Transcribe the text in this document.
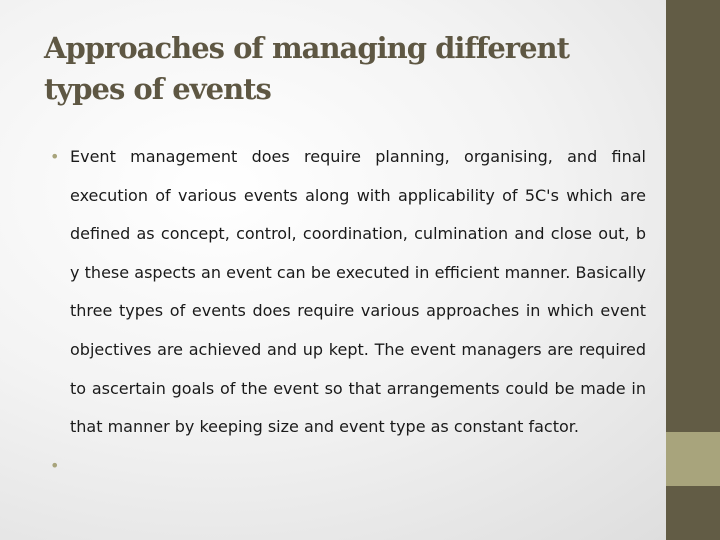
Approaches of managing different types of events
• Event management does require planning, organising, and final execution of various events along with applicability of 5C's which are defined as concept, control, coordination, culmination and close out, b y these aspects an event can be executed in efficient manner. Basically three types of events does require various approaches in which event objectives are achieved and up kept. The event managers are required to ascertain goals of the event so that arrangements could be made in that manner by keeping size and event type as constant factor.
•
